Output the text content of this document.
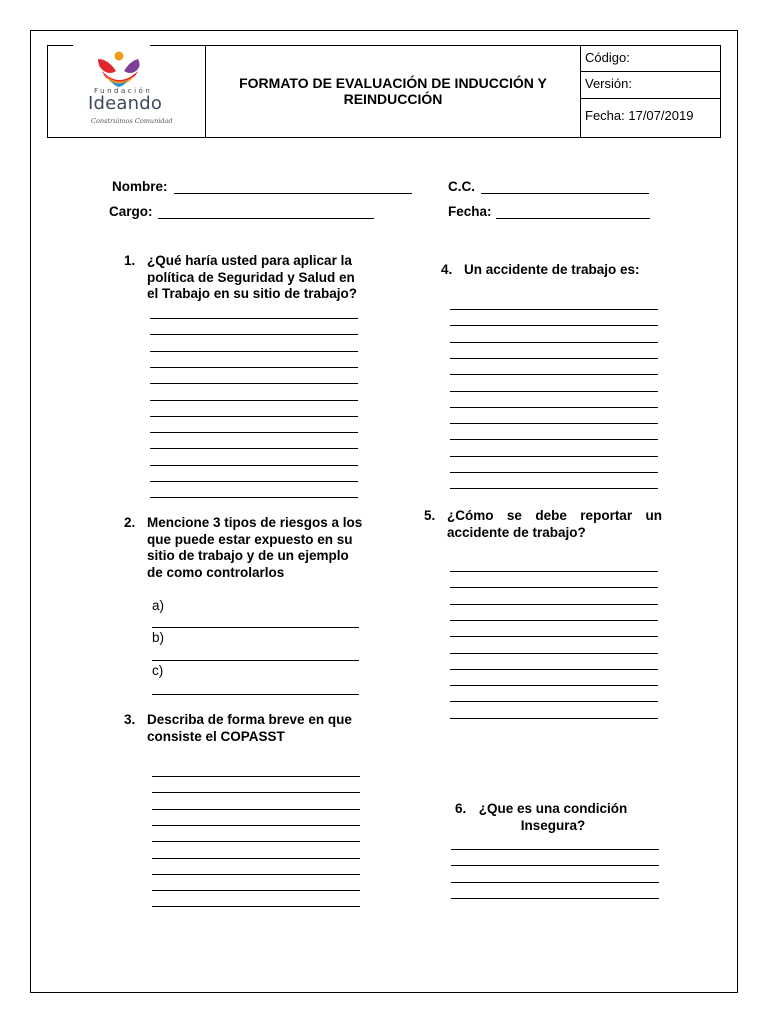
Fundación
Ideando
Construimos Comunidad
FORMATO DE EVALUACIÓN DE INDUCCIÓN Y REINDUCCIÓN
Código:
Versión:
Fecha: 17/07/2019
Nombre:	C.C.
Cargo:	Fecha:
1. ¿Qué haría usted para aplicar la política de Seguridad y Salud en el Trabajo en su sitio de trabajo?
2. Mencione 3 tipos de riesgos a los que puede estar expuesto en su sitio de trabajo y de un ejemplo de como controlarlos
a)
b)
c)
3. Describa de forma breve en que consiste el COPASST
4. Un accidente de trabajo es:
5. ¿Cómo se debe reportar un accidente de trabajo?
6. ¿Que es una condición Insegura?
